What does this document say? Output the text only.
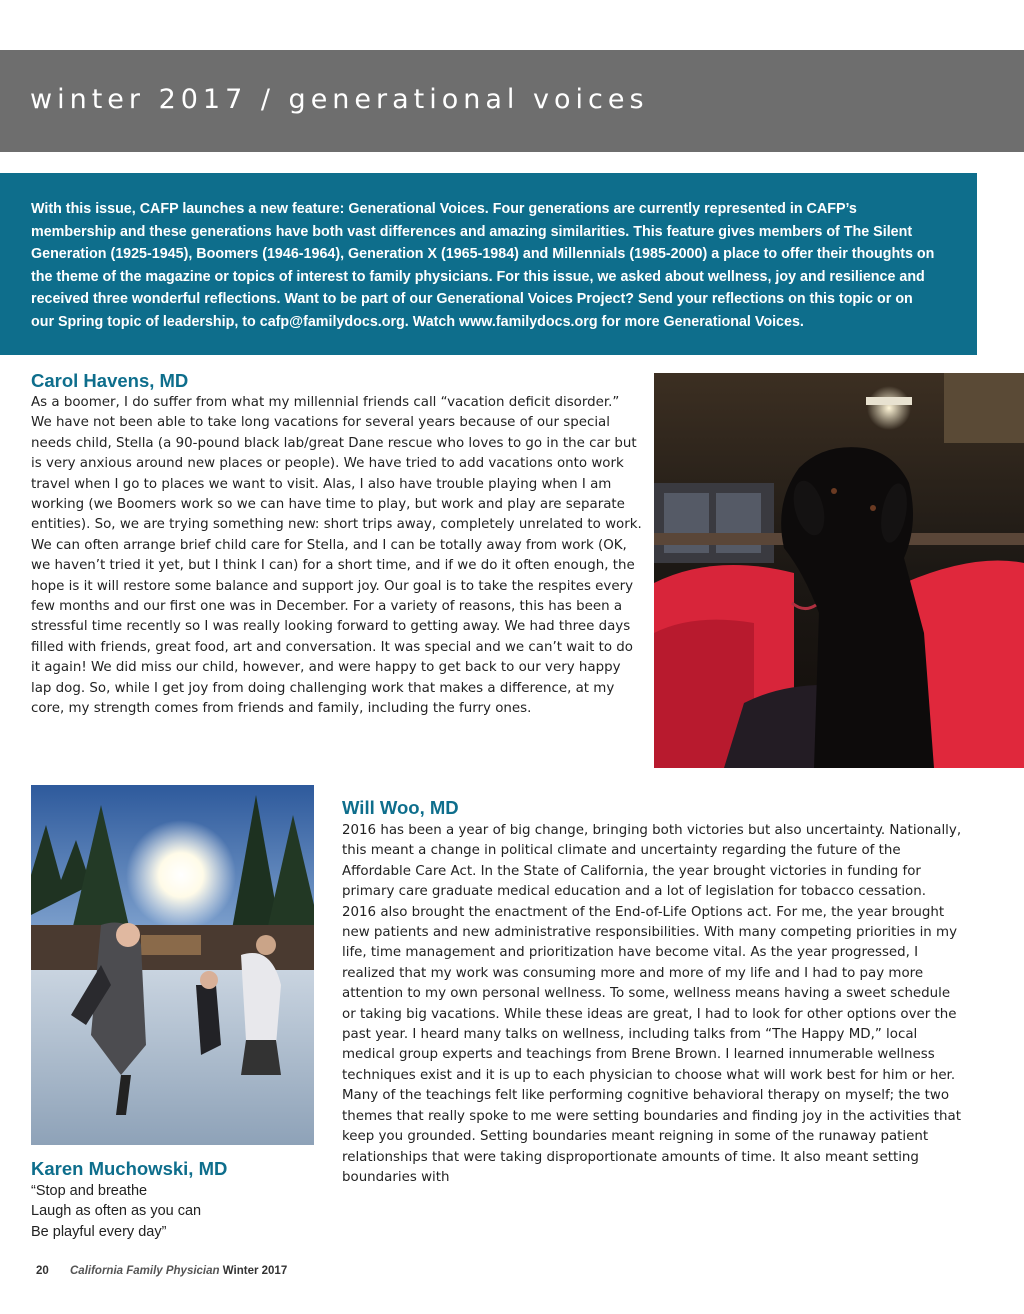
winter 2017 / generational voices

With this issue, CAFP launches a new feature: Generational Voices. Four generations are currently represented in CAFP’s membership and these generations have both vast differences and amazing similarities. This feature gives members of The Silent Generation (1925-1945), Boomers (1946-1964), Generation X (1965-1984) and Millennials (1985-2000) a place to offer their thoughts on the theme of the magazine or topics of interest to family physicians. For this issue, we asked about wellness, joy and resilience and received three wonderful reflections. Want to be part of our Generational Voices Project? Send your reflections on this topic or on our Spring topic of leadership, to cafp@familydocs.org. Watch www.familydocs.org for more Generational Voices.

Carol Havens, MD

As a boomer, I do suffer from what my millennial friends call “vacation deficit disorder.” We have not been able to take long vacations for several years because of our special needs child, Stella (a 90-pound black lab/great Dane rescue who loves to go in the car but is very anxious around new places or people). We have tried to add vacations onto work travel when I go to places we want to visit. Alas, I also have trouble playing when I am working (we Boomers work so we can have time to play, but work and play are separate entities). So, we are trying something new: short trips away, completely unrelated to work. We can often arrange brief child care for Stella, and I can be totally away from work (OK, we haven’t tried it yet, but I think I can) for a short time, and if we do it often enough, the hope is it will restore some balance and support joy. Our goal is to take the respites every few months and our first one was in December. For a variety of reasons, this has been a stressful time recently so I was really looking forward to getting away. We had three days filled with friends, great food, art and conversation. It was special and we can’t wait to do it again! We did miss our child, however, and were happy to get back to our very happy lap dog. So, while I get joy from doing challenging work that makes a difference, at my core, my strength comes from friends and family, including the furry ones.

Will Woo, MD

2016 has been a year of big change, bringing both victories but also uncertainty. Nationally, this meant a change in political climate and uncertainty regarding the future of the Affordable Care Act. In the State of California, the year brought victories in funding for primary care graduate medical education and a lot of legislation for tobacco cessation. 2016 also brought the enactment of the End-of-Life Options act. For me, the year brought new patients and new administrative responsibilities. With many competing priorities in my life, time management and prioritization have become vital. As the year progressed, I realized that my work was consuming more and more of my life and I had to pay more attention to my own personal wellness. To some, wellness means having a sweet schedule or taking big vacations. While these ideas are great, I had to look for other options over the past year. I heard many talks on wellness, including talks from “The Happy MD,” local medical group experts and teachings from Brene Brown. I learned innumerable wellness techniques exist and it is up to each physician to choose what will work best for him or her. Many of the teachings felt like performing cognitive behavioral therapy on myself; the two themes that really spoke to me were setting boundaries and finding joy in the activities that keep you grounded. Setting boundaries meant reigning in some of the runaway patient relationships that were taking disproportionate amounts of time. It also meant setting boundaries with

Karen Muchowski, MD
“Stop and breathe
Laugh as often as you can
Be playful every day”
20 California Family Physician Winter 2017
